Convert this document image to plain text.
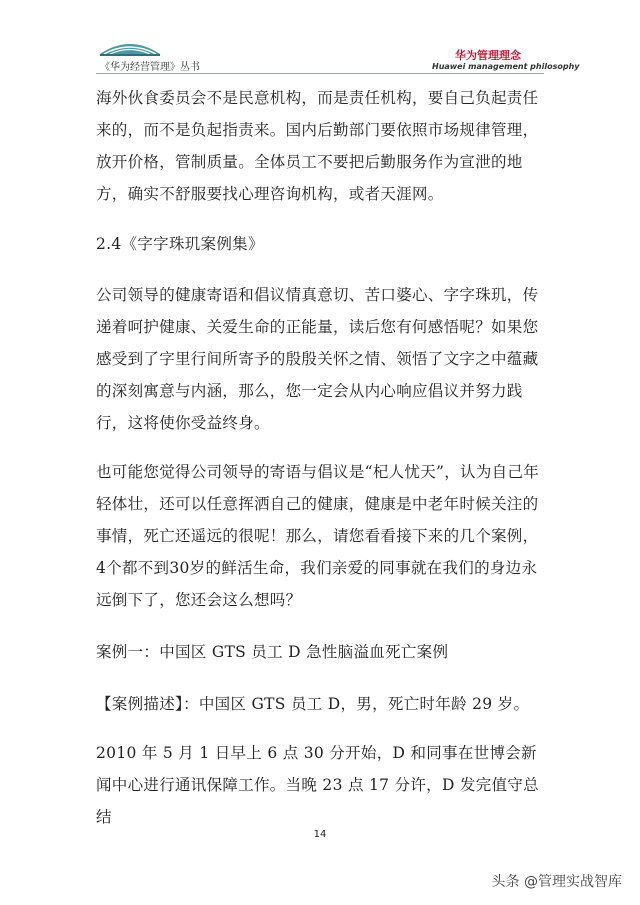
《华为经营管理》丛书
华为管理理念
Huawei management philosophy

海外伙食委员会不是民意机构，而是责任机构，要自己负起责任来的，而不是负起指责来。国内后勤部门要依照市场规律管理，放开价格，管制质量。全体员工不要把后勤服务作为宣泄的地方，确实不舒服要找心理咨询机构，或者天涯网。

2.4《字字珠玑案例集》

公司领导的健康寄语和倡议情真意切、苦口婆心、字字珠玑，传递着呵护健康、关爱生命的正能量，读后您有何感悟呢？如果您感受到了字里行间所寄予的殷殷关怀之情、领悟了文字之中蕴藏的深刻寓意与内涵，那么，您一定会从内心响应倡议并努力践行，这将使你受益终身。

也可能您觉得公司领导的寄语与倡议是“杞人忧天”，认为自己年轻体壮，还可以任意挥洒自己的健康，健康是中老年时候关注的事情，死亡还遥远的很呢！那么，请您看看接下来的几个案例，4个都不到30岁的鲜活生命，我们亲爱的同事就在我们的身边永远倒下了，您还会这么想吗？

案例一：中国区 GTS 员工 D 急性脑溢血死亡案例

【案例描述】：中国区 GTS 员工 D，男，死亡时年龄 29 岁。

2010 年 5 月 1 日早上 6 点 30 分开始，D 和同事在世博会新闻中心进行通讯保障工作。当晚 23 点 17 分许，D 发完值守总结

14
头条 @管理实战智库
